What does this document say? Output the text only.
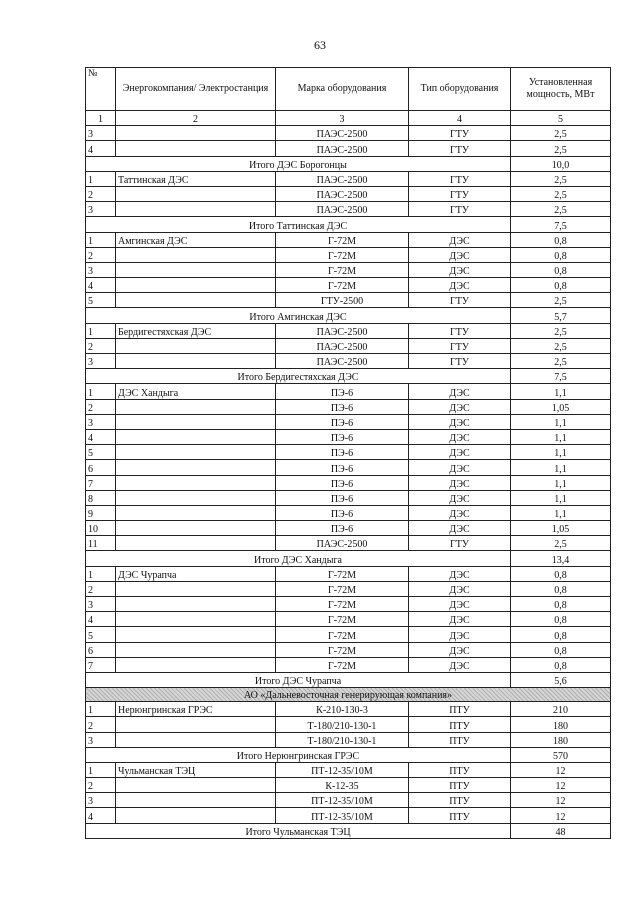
63
№	Энергокомпания/ Электростанция	Марка оборудования	Тип оборудования	Установленная мощность, МВт
1	2	3	4	5
3		ПАЭС-2500	ГТУ	2,5
4		ПАЭС-2500	ГТУ	2,5
Итого ДЭС Борогонцы				10,0
1	Таттинская ДЭС	ПАЭС-2500	ГТУ	2,5
2		ПАЭС-2500	ГТУ	2,5
3		ПАЭС-2500	ГТУ	2,5
Итого Таттинская ДЭС				7,5
1	Амгинская ДЭС	Г-72М	ДЭС	0,8
2		Г-72М	ДЭС	0,8
3		Г-72М	ДЭС	0,8
4		Г-72М	ДЭС	0,8
5		ГТУ-2500	ГТУ	2,5
Итого Амгинская ДЭС				5,7
1	Бердигестяхская ДЭС	ПАЭС-2500	ГТУ	2,5
2		ПАЭС-2500	ГТУ	2,5
3		ПАЭС-2500	ГТУ	2,5
Итого Бердигестяхская ДЭС				7,5
1	ДЭС Хандыга	ПЭ-6	ДЭС	1,1
2		ПЭ-6	ДЭС	1,05
3		ПЭ-6	ДЭС	1,1
4		ПЭ-6	ДЭС	1,1
5		ПЭ-6	ДЭС	1,1
6		ПЭ-6	ДЭС	1,1
7		ПЭ-6	ДЭС	1,1
8		ПЭ-6	ДЭС	1,1
9		ПЭ-6	ДЭС	1,1
10		ПЭ-6	ДЭС	1,05
11		ПАЭС-2500	ГТУ	2,5
Итого ДЭС Хандыга				13,4
1	ДЭС Чурапча	Г-72М	ДЭС	0,8
2		Г-72М	ДЭС	0,8
3		Г-72М	ДЭС	0,8
4		Г-72М	ДЭС	0,8
5		Г-72М	ДЭС	0,8
6		Г-72М	ДЭС	0,8
7		Г-72М	ДЭС	0,8
Итого ДЭС Чурапча				5,6
АО «Дальневосточная генерирующая компания»				
1	Нерюнгринская ГРЭС	К-210-130-3	ПТУ	210
2		Т-180/210-130-1	ПТУ	180
3		Т-180/210-130-1	ПТУ	180
Итого Нерюнгринская ГРЭС				570
1	Чульманская ТЭЦ	ПТ-12-35/10М	ПТУ	12
2		К-12-35	ПТУ	12
3		ПТ-12-35/10М	ПТУ	12
4		ПТ-12-35/10М	ПТУ	12
Итого Чульманская ТЭЦ				48
